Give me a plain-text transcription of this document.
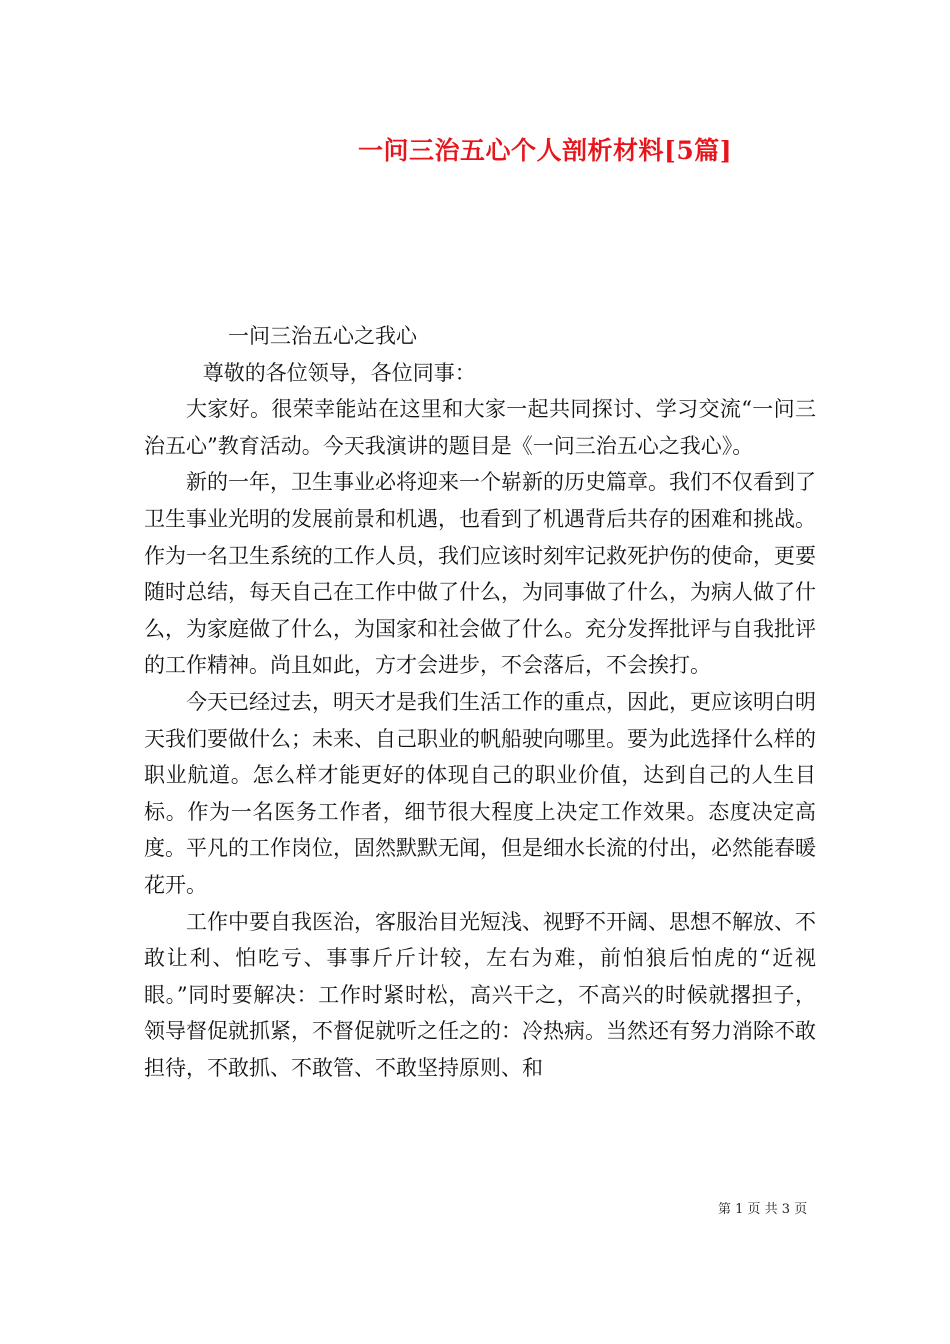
一问三治五心个人剖析材料[5篇]

一问三治五心之我心

尊敬的各位领导，各位同事：

大家好。很荣幸能站在这里和大家一起共同探讨、学习交流“一问三治五心”教育活动。今天我演讲的题目是《一问三治五心之我心》。

新的一年，卫生事业必将迎来一个崭新的历史篇章。我们不仅看到了卫生事业光明的发展前景和机遇，也看到了机遇背后共存的困难和挑战。作为一名卫生系统的工作人员，我们应该时刻牢记救死护伤的使命，更要随时总结，每天自己在工作中做了什么，为同事做了什么，为病人做了什么，为家庭做了什么，为国家和社会做了什么。充分发挥批评与自我批评的工作精神。尚且如此，方才会进步，不会落后，不会挨打。

今天已经过去，明天才是我们生活工作的重点，因此，更应该明白明天我们要做什么；未来、自己职业的帆船驶向哪里。要为此选择什么样的职业航道。怎么样才能更好的体现自己的职业价值，达到自己的人生目标。作为一名医务工作者，细节很大程度上决定工作效果。态度决定高度。平凡的工作岗位，固然默默无闻，但是细水长流的付出，必然能春暖花开。

工作中要自我医治，客服治目光短浅、视野不开阔、思想不解放、不敢让利、怕吃亏、事事斤斤计较，左右为难，前怕狼后怕虎的“近视眼。”同时要解决：工作时紧时松，高兴干之，不高兴的时候就撂担子，领导督促就抓紧，不督促就听之任之的：冷热病。当然还有努力消除不敢担待，不敢抓、不敢管、不敢坚持原则、和

第 1 页 共 3 页
